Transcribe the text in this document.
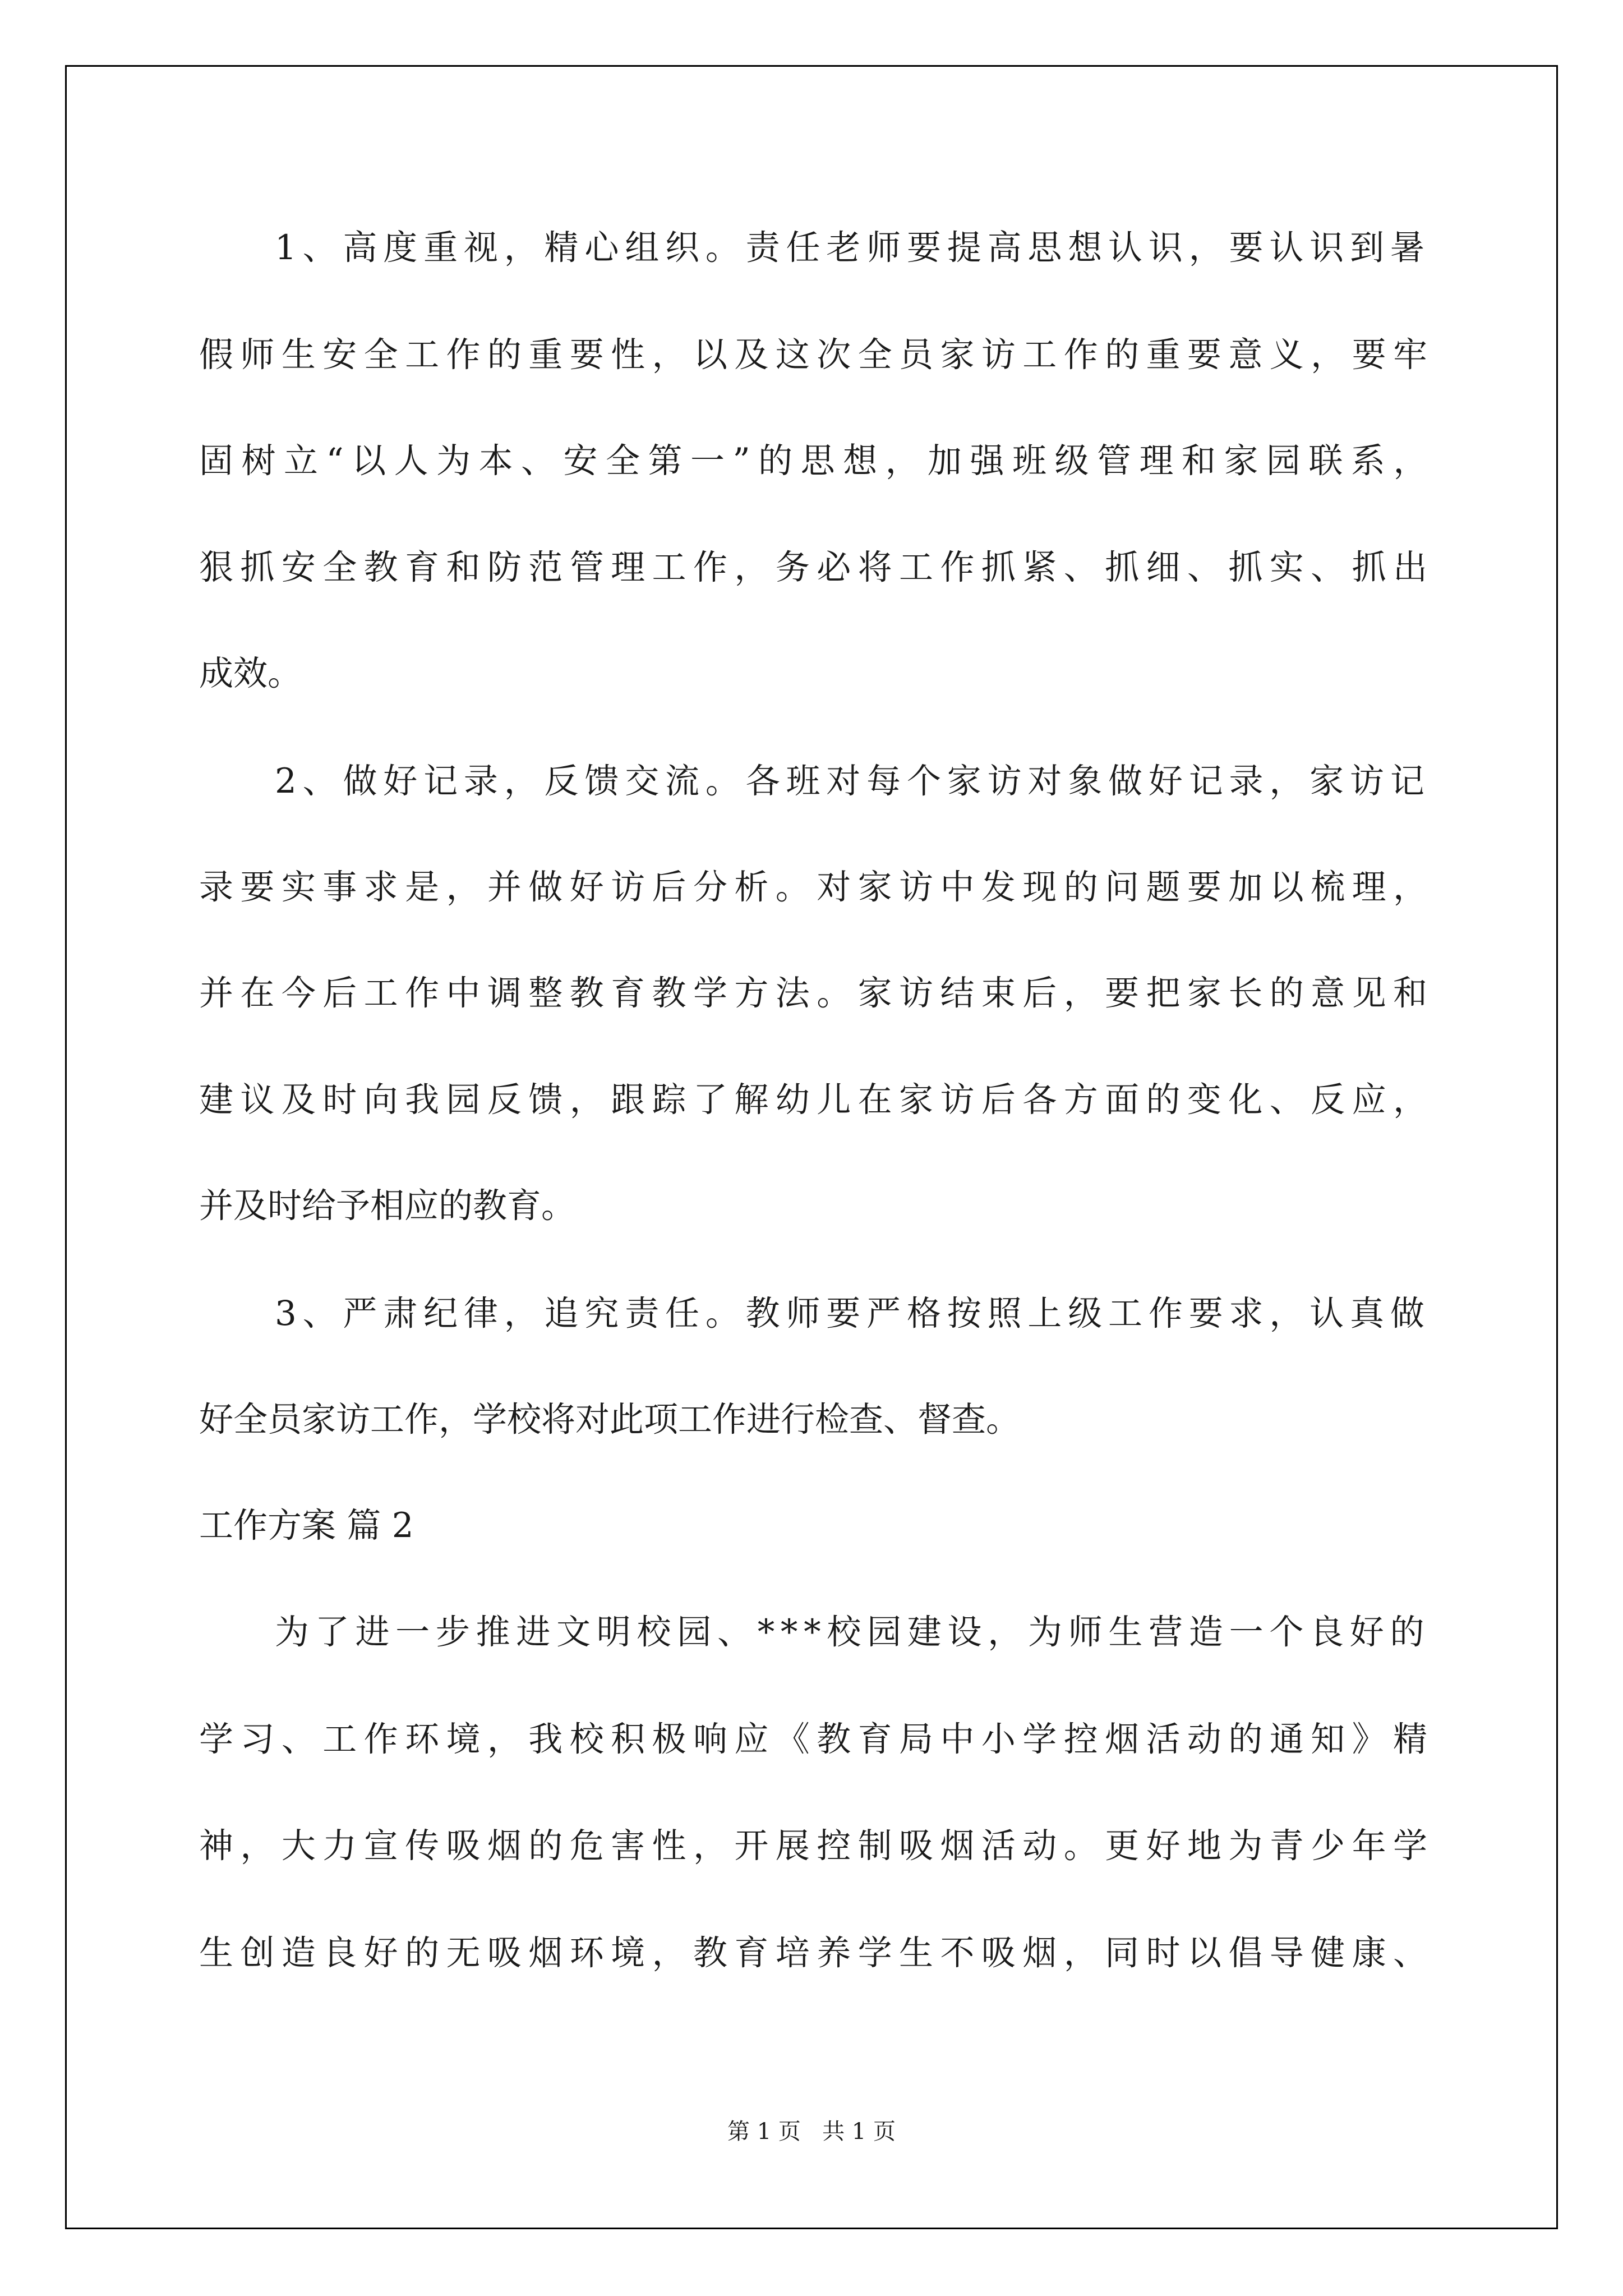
1、高度重视，精心组织。责任老师要提高思想认识，要认识到暑

假师生安全工作的重要性，以及这次全员家访工作的重要意义，要牢

固树立“以人为本、安全第一”的思想，加强班级管理和家园联系，

狠抓安全教育和防范管理工作，务必将工作抓紧、抓细、抓实、抓出

成效。

2、做好记录，反馈交流。各班对每个家访对象做好记录，家访记

录要实事求是，并做好访后分析。对家访中发现的问题要加以梳理，

并在今后工作中调整教育教学方法。家访结束后，要把家长的意见和

建议及时向我园反馈，跟踪了解幼儿在家访后各方面的变化、反应，

并及时给予相应的教育。

3、严肃纪律，追究责任。教师要严格按照上级工作要求，认真做

好全员家访工作，学校将对此项工作进行检查、督查。

工作方案 篇 2

为了进一步推进文明校园、***校园建设，为师生营造一个良好的

学习、工作环境，我校积极响应《教育局中小学控烟活动的通知》精

神，大力宣传吸烟的危害性，开展控制吸烟活动。更好地为青少年学

生创造良好的无吸烟环境，教育培养学生不吸烟，同时以倡导健康、

第 1 页   共 1 页
